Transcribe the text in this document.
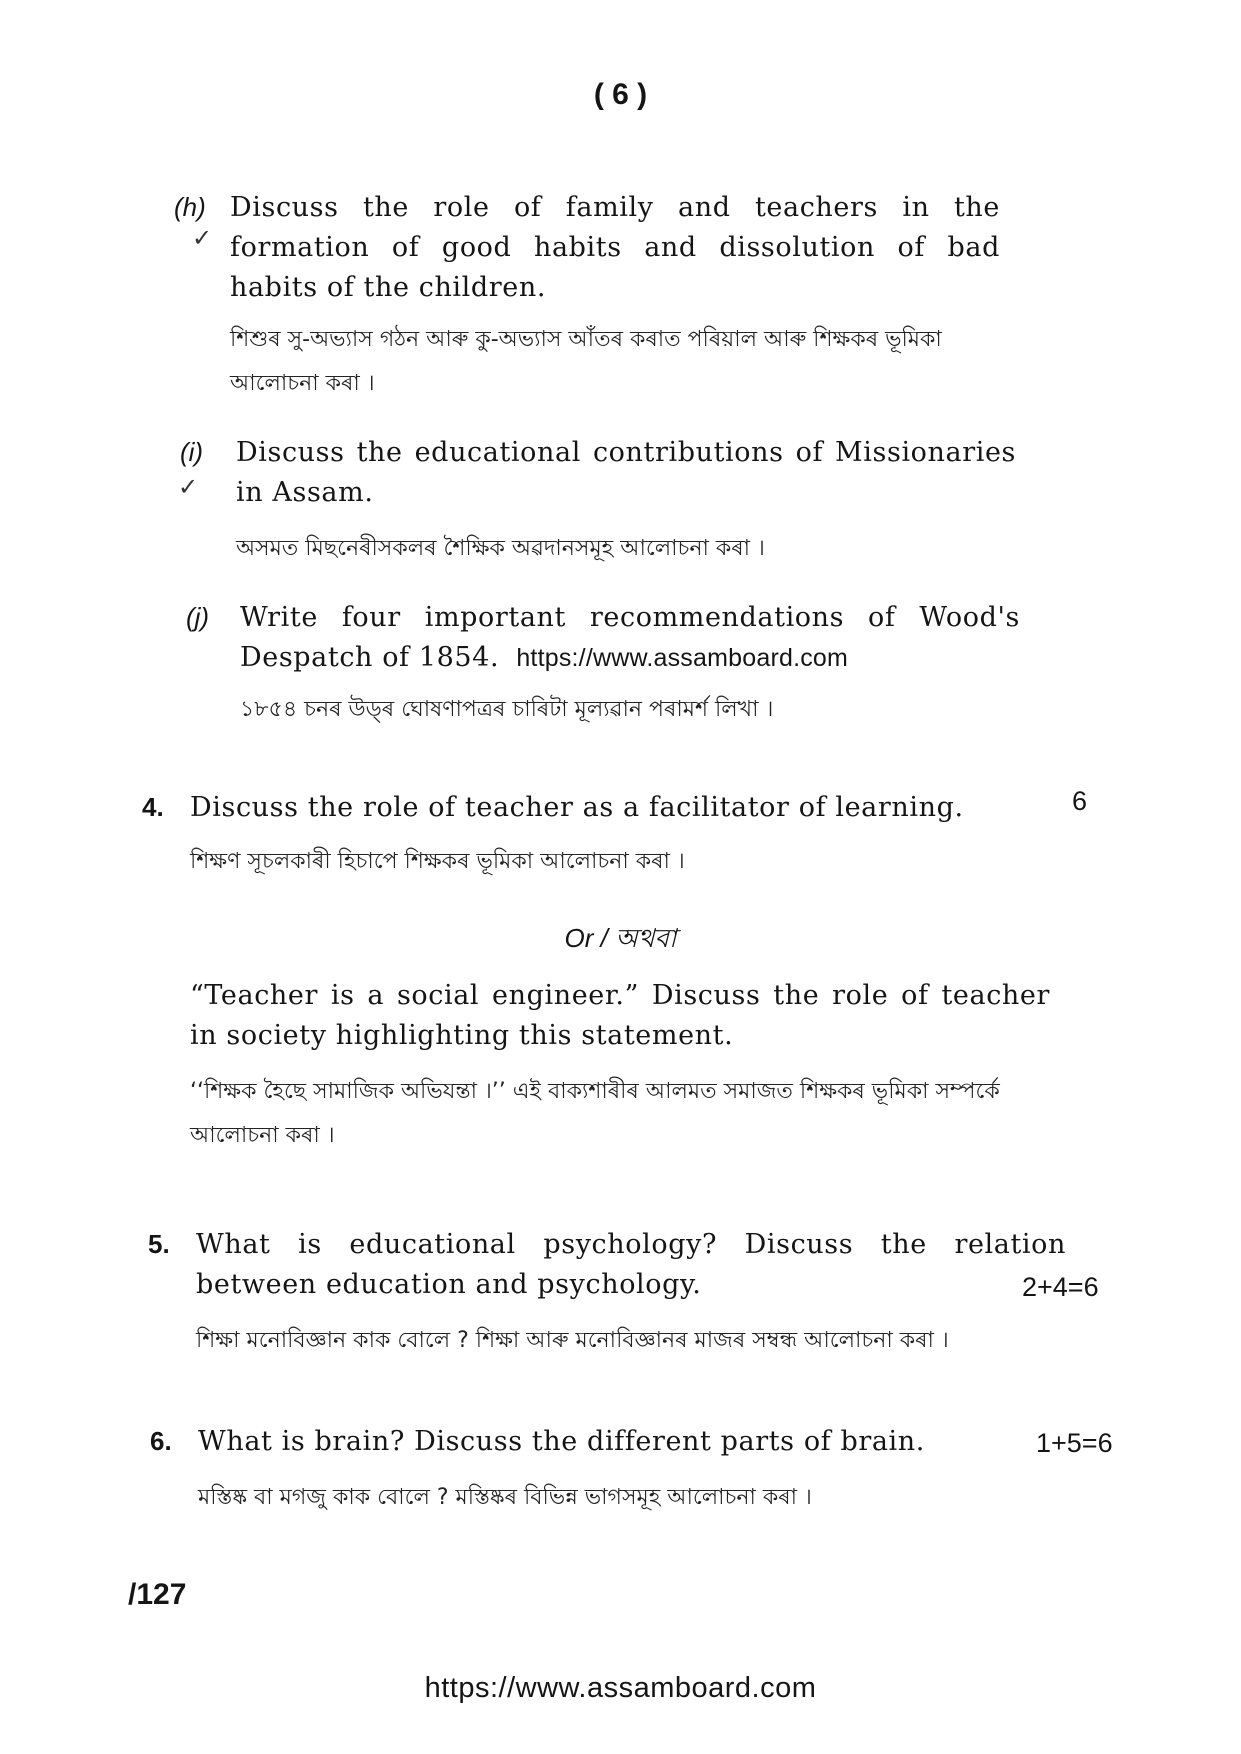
( 6 )
(h)
✓

Discuss the role of family and teachers in the formation of good habits and dissolution of bad habits of the children.

শিশুৰ সু-অভ্যাস গঠন আৰু কু-অভ্যাস আঁতৰ কৰাত পৰিয়াল আৰু শিক্ষকৰ ভূমিকা আলোচনা কৰা ।

(i)
✓

Discuss the educational contributions of Missionaries in Assam.

অসমত মিছনেৰীসকলৰ শৈক্ষিক অৱদানসমূহ আলোচনা কৰা ।

(j) Write four important recommendations of Wood's Despatch of 1854. https://www.assamboard.com

১৮৫৪ চনৰ উড্‌ৰ ঘোষণাপত্ৰৰ চাৰিটা মূল্যৱান পৰামৰ্শ লিখা ।

4. Discuss the role of teacher as a facilitator of learning.

শিক্ষণ সূচলকাৰী হিচাপে শিক্ষকৰ ভূমিকা আলোচনা কৰা ।

6
Or / অথবা

“Teacher is a social engineer.” Discuss the role of teacher in society highlighting this statement.

‘‘শিক্ষক হৈছে সামাজিক অভিযন্তা ।’’ এই বাক্যশাৰীৰ আলমত সমাজত শিক্ষকৰ ভূমিকা সম্পৰ্কে আলোচনা কৰা ।

5. What is educational psychology? Discuss the relation between education and psychology.

শিক্ষা মনোবিজ্ঞান কাক বোলে ? শিক্ষা আৰু মনোবিজ্ঞানৰ মাজৰ সম্বন্ধ আলোচনা কৰা ।

2+4=6
6. What is brain? Discuss the different parts of brain.

মস্তিষ্ক বা মগজু কাক বোলে ? মস্তিষ্কৰ বিভিন্ন ভাগসমূহ আলোচনা কৰা ।

1+5=6
/127
https://www.assamboard.com
